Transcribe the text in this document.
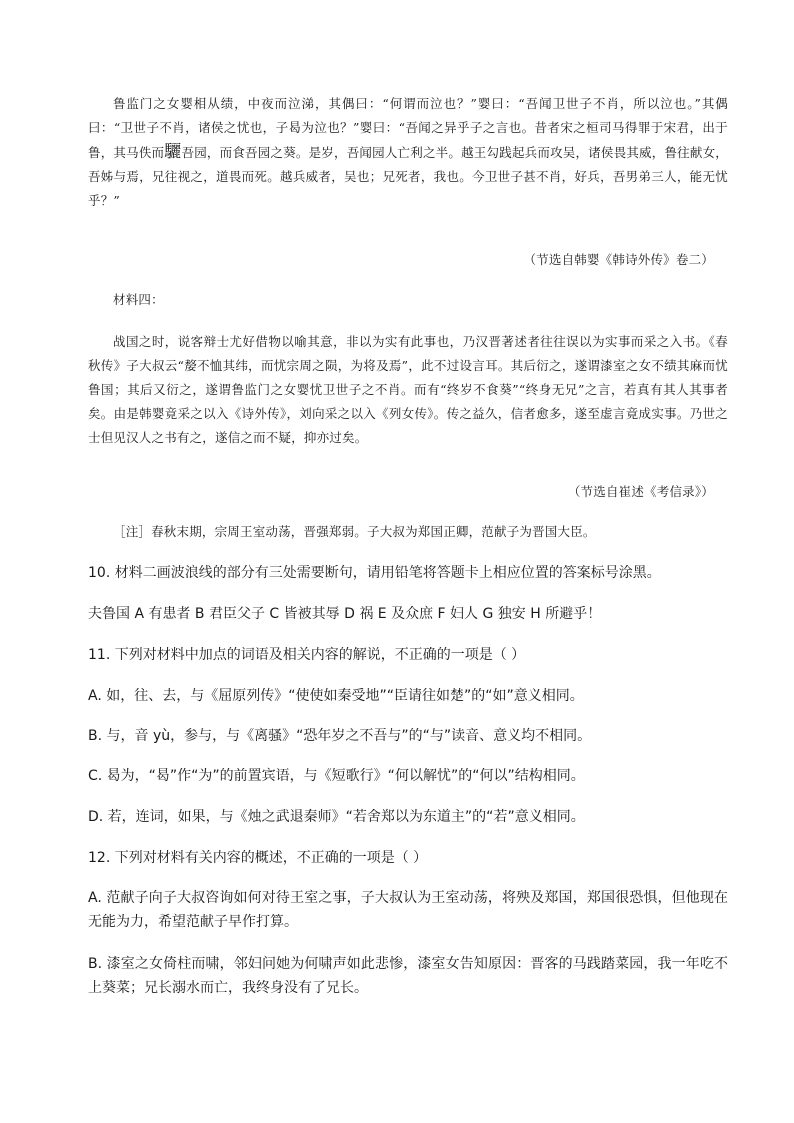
鲁监门之女婴相从绩，中夜而泣涕，其偶曰：“何谓而泣也？”婴曰：“吾闻卫世子不肖，所以泣也。”其偶曰：“卫世子不肖，诸侯之忧也，子曷为泣也？”婴曰：“吾闻之异乎子之言也。昔者宋之桓司马得罪于宋君，出于鲁，其马佚而驪吾园，而食吾园之葵。是岁，吾闻园人亡利之半。越王勾践起兵而攻吴，诸侯畏其威，鲁往献女，吾姊与焉，兄往视之，道畏而死。越兵威者，吴也；兄死者，我也。今卫世子甚不肖，好兵，吾男弟三人，能无忧乎？”

（节选自韩婴《韩诗外传》卷二）

材料四：

战国之时，说客辩士尤好借物以喻其意，非以为实有此事也，乃汉晋著述者往往误以为实事而采之入书。《春秋传》子大叔云“嫠不恤其纬，而忧宗周之陨，为将及焉”，此不过设言耳。其后衍之，遂谓漆室之女不绩其麻而忧鲁国；其后又衍之，遂谓鲁监门之女婴忧卫世子之不肖。而有“终岁不食葵”“终身无兄”之言，若真有其人其事者矣。由是韩婴竟采之以入《诗外传》，刘向采之以入《列女传》。传之益久，信者愈多，遂至虚言竟成实事。乃世之士但见汉人之书有之，遂信之而不疑，抑亦过矣。

（节选自崔述《考信录》）

［注］春秋末期，宗周王室动荡，晋强郑弱。子大叔为郑国正卿，范献子为晋国大臣。

10. 材料二画波浪线的部分有三处需要断句，请用铅笔将答题卡上相应位置的答案标号涂黑。

夫鲁国 A 有患者 B 君臣父子 C 皆被其辱 D 祸 E 及众庶 F 妇人 G 独安 H 所避乎！

11. 下列对材料中加点的词语及相关内容的解说，不正确的一项是（ ）

A. 如，往、去，与《屈原列传》“使使如秦受地”“臣请往如楚”的“如”意义相同。

B. 与，音 yù，参与，与《离骚》“恐年岁之不吾与”的“与”读音、意义均不相同。

C. 曷为，“曷”作“为”的前置宾语，与《短歌行》“何以解忧”的“何以”结构相同。

D. 若，连词，如果，与《烛之武退秦师》“若舍郑以为东道主”的“若”意义相同。

12. 下列对材料有关内容的概述，不正确的一项是（ ）

A. 范献子向子大叔咨询如何对待王室之事，子大叔认为王室动荡，将殃及郑国，郑国很恐惧，但他现在无能为力，希望范献子早作打算。

B. 漆室之女倚柱而啸，邻妇问她为何啸声如此悲惨，漆室女告知原因：晋客的马践踏菜园，我一年吃不上葵菜；兄长溺水而亡，我终身没有了兄长。
